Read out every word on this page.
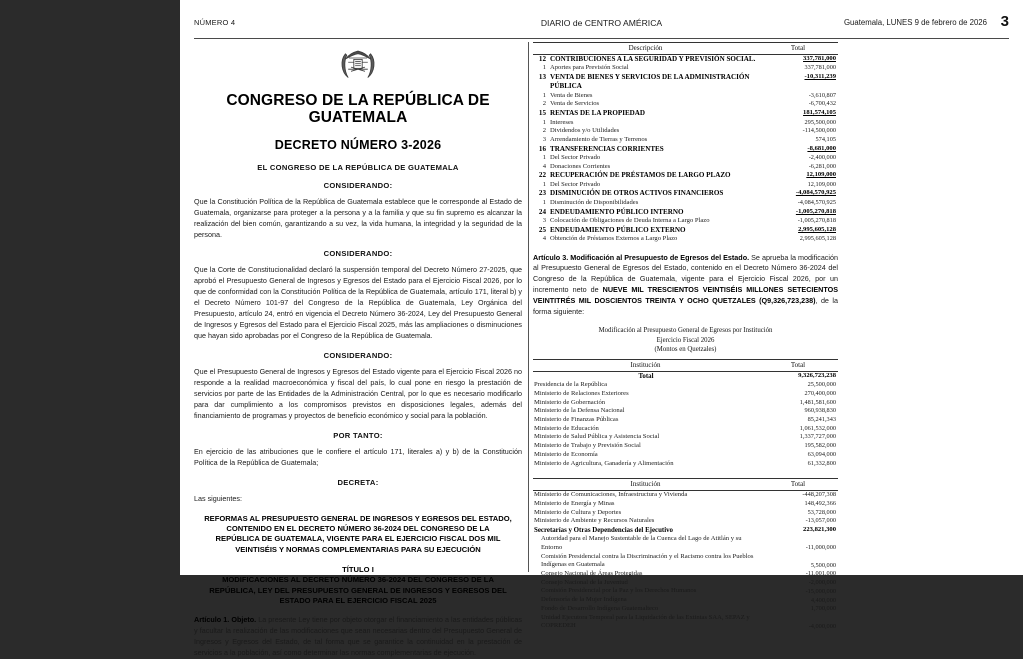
NÚMERO 4	DIARIO de CENTRO AMÉRICA	Guatemala, LUNES 9 de febrero de 2026 3
CONGRESO DE LA REPÚBLICA DE GUATEMALA
DECRETO NÚMERO 3-2026
EL CONGRESO DE LA REPÚBLICA DE GUATEMALA
CONSIDERANDO:

Que la Constitución Política de la República de Guatemala establece que le corresponde al Estado de Guatemala, organizarse para proteger a la persona y a la familia y que su fin supremo es alcanzar la realización del bien común, garantizando a su vez, la vida humana, la integridad y la seguridad de la persona.

CONSIDERANDO:

Que la Corte de Constitucionalidad declaró la suspensión temporal del Decreto Número 27-2025, que aprobó el Presupuesto General de Ingresos y Egresos del Estado para el Ejercicio Fiscal 2026, por lo que de conformidad con la Constitución Política de la República de Guatemala, artículo 171, literal b) y el Decreto Número 101-97 del Congreso de la República de Guatemala, Ley Orgánica del Presupuesto, artículo 24, entró en vigencia el Decreto Número 36-2024, Ley del Presupuesto General de Ingresos y Egresos del Estado para el Ejercicio Fiscal 2025, más las ampliaciones o disminuciones que hayan sido aprobadas por el Congreso de la República de Guatemala.

CONSIDERANDO:

Que el Presupuesto General de Ingresos y Egresos del Estado vigente para el Ejercicio Fiscal 2026 no responde a la realidad macroeconómica y fiscal del país, lo cual pone en riesgo la prestación de servicios por parte de las Entidades de la Administración Central, por lo que es necesario modificarlo para dar cumplimiento a los compromisos previstos en disposiciones legales, además del financiamiento de programas y proyectos de beneficio económico y social para la población.

POR TANTO:

En ejercicio de las atribuciones que le confiere el artículo 171, literales a) y b) de la Constitución Política de la República de Guatemala;

DECRETA:

Las siguientes:

REFORMAS AL PRESUPUESTO GENERAL DE INGRESOS Y EGRESOS DEL ESTADO, CONTENIDO EN EL DECRETO NÚMERO 36-2024 DEL CONGRESO DE LA REPÚBLICA DE GUATEMALA, VIGENTE PARA EL EJERCICIO FISCAL DOS MIL VEINTISÉIS Y NORMAS COMPLEMENTARIAS PARA SU EJECUCIÓN
TÍTULO I
MODIFICACIONES AL DECRETO NÚMERO 36-2024 DEL CONGRESO DE LA REPÚBLICA, LEY DEL PRESUPUESTO GENERAL DE INGRESOS Y EGRESOS DEL ESTADO PARA EL EJERCICIO FISCAL 2025

Artículo 1. Objeto. La presente Ley tiene por objeto otorgar el financiamiento a las entidades públicas y facultar la realización de las modificaciones que sean necesarias dentro del Presupuesto General de Ingresos y Egresos del Estado, de tal forma que se garantice la continuidad en la prestación de servicios a la población, así como determinar las normas complementarias de ejecución.

Descripción		Total
12	CONTRIBUCIONES A LA SEGURIDAD Y PREVISIÓN SOCIAL.	337,781,000
1	Aportes para Previsión Social	337,781,000
13	VENTA DE BIENES Y SERVICIOS DE LA ADMINISTRACIÓN PÚBLICA	-10,311,239
1	Venta de Bienes	-3,610,807
2	Venta de Servicios	-6,700,432
15	RENTAS DE LA PROPIEDAD	181,574,105
1	Intereses	295,500,000
2	Dividendos y/o Utilidades	-114,500,000
3	Arrendamiento de Tierras y Terrenos	574,105
16	TRANSFERENCIAS CORRIENTES	-8,681,000
1	Del Sector Privado	-2,400,000
4	Donaciones Corrientes	-6,281,000
22	RECUPERACIÓN DE PRÉSTAMOS DE LARGO PLAZO	12,109,000
1	Del Sector Privado	12,109,000
23	DISMINUCIÓN DE OTROS ACTIVOS FINANCIEROS	-4,084,570,925
1	Disminución de Disponibilidades	-4,084,570,925
24	ENDEUDAMIENTO PÚBLICO INTERNO	-1,005,270,818
3	Colocación de Obligaciones de Deuda Interna a Largo Plazo	-1,005,270,818
25	ENDEUDAMIENTO PÚBLICO EXTERNO	2,995,605,128
4	Obtención de Préstamos Externos a Largo Plazo	2,995,605,128

Artículo 3. Modificación al Presupuesto de Egresos del Estado. Se aprueba la modificación al Presupuesto General de Egresos del Estado, contenido en el Decreto Número 36-2024 del Congreso de la República de Guatemala, vigente para el Ejercicio Fiscal 2026, por un incremento neto de NUEVE MIL TRESCIENTOS VEINTISÉIS MILLONES SETECIENTOS VEINTITRÉS MIL DOSCIENTOS TREINTA Y OCHO QUETZALES (Q9,326,723,238), de la forma siguiente:

Modificación al Presupuesto General de Egresos por Institución
Ejercicio Fiscal 2026
(Montos en Quetzales)
Institución	Total
Total	9,326,723,238
Presidencia de la República	25,500,000
Ministerio de Relaciones Exteriores	270,400,000
Ministerio de Gobernación	1,481,581,600
Ministerio de la Defensa Nacional	960,938,830
Ministerio de Finanzas Públicas	85,241,343
Ministerio de Educación	1,061,532,000
Ministerio de Salud Pública y Asistencia Social	1,337,727,000
Ministerio de Trabajo y Previsión Social	195,582,000
Ministerio de Economía	63,094,000
Ministerio de Agricultura, Ganadería y Alimentación	61,332,800
Institución	Total
Ministerio de Comunicaciones, Infraestructura y Vivienda	-448,207,308
Ministerio de Energía y Minas	148,492,366
Ministerio de Cultura y Deportes	53,728,000
Ministerio de Ambiente y Recursos Naturales	-13,057,000
Secretarías y Otras Dependencias del Ejecutivo	223,821,300
Autoridad para el Manejo Sustentable de la Cuenca del Lago de Atitlán y su Entorno	-11,000,000
Comisión Presidencial contra la Discriminación y el Racismo contra los Pueblos Indígenas en Guatemala	5,500,000
Consejo Nacional de Áreas Protegidas	-11,001,000
Consejo Nacional de la Juventud	-2,000,000
Comisión Presidencial por la Paz y los Derechos Humanos	-15,000,000
Defensoría de la Mujer Indígena	4,400,000
Fondo de Desarrollo Indígena Guatemalteco	1,700,000
Unidad Ejecutora Temporal para la Liquidación de las Extintas SAA, SEPAZ y COPREDEH	-4,000,000
